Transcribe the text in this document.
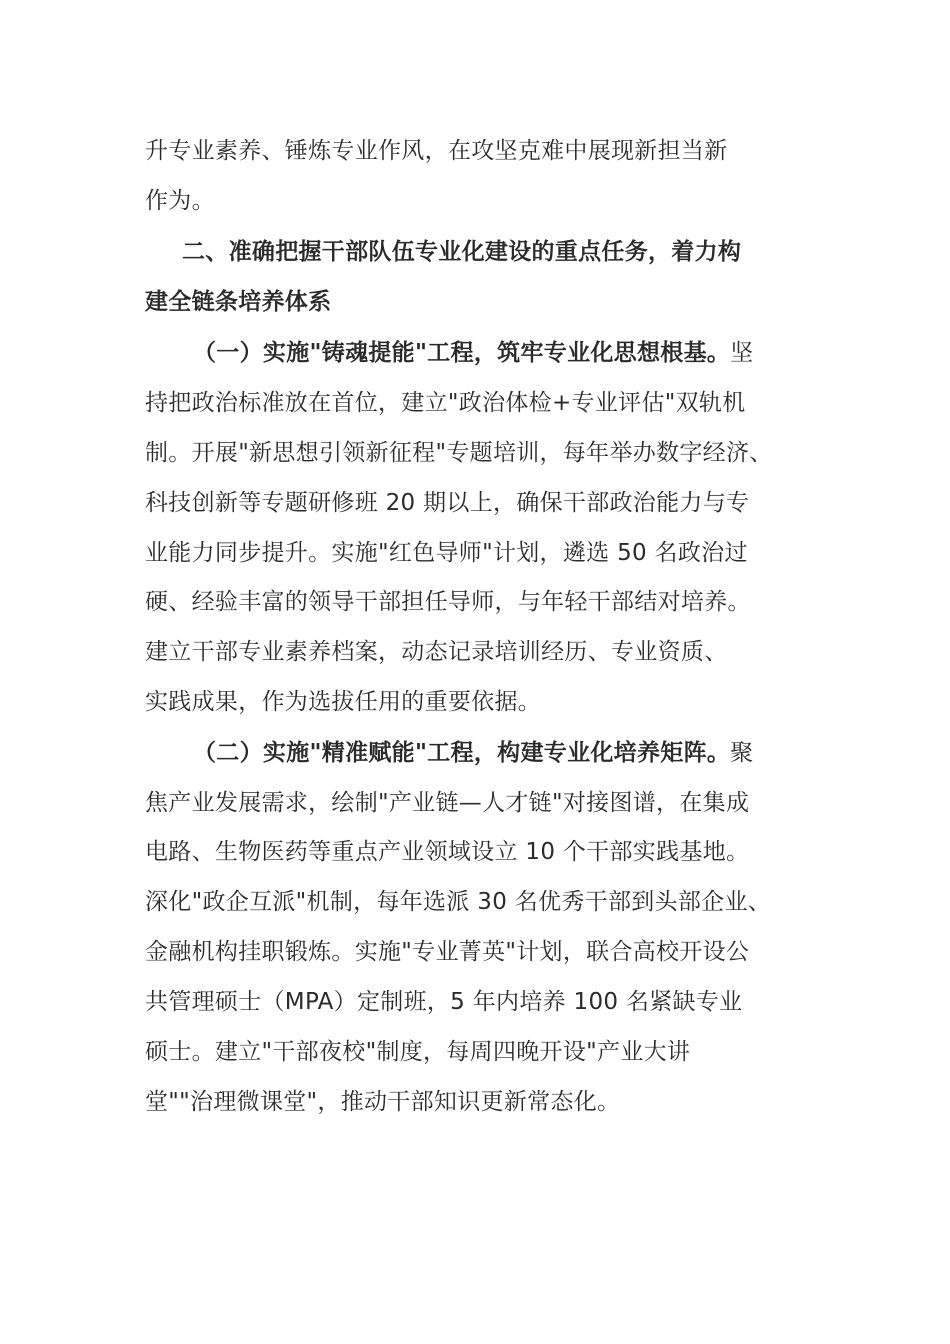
升专业素养、锤炼专业作风，在攻坚克难中展现新担当新
作为。
二、准确把握干部队伍专业化建设的重点任务，着力构
建全链条培养体系
（一）实施"铸魂提能"工程，筑牢专业化思想根基。坚
持把政治标准放在首位，建立"政治体检+专业评估"双轨机
制。开展"新思想引领新征程"专题培训，每年举办数字经济、
科技创新等专题研修班 20 期以上，确保干部政治能力与专
业能力同步提升。实施"红色导师"计划，遴选 50 名政治过
硬、经验丰富的领导干部担任导师，与年轻干部结对培养。
建立干部专业素养档案，动态记录培训经历、专业资质、
实践成果，作为选拔任用的重要依据。
（二）实施"精准赋能"工程，构建专业化培养矩阵。聚
焦产业发展需求，绘制"产业链—人才链"对接图谱，在集成
电路、生物医药等重点产业领域设立 10 个干部实践基地。
深化"政企互派"机制，每年选派 30 名优秀干部到头部企业、
金融机构挂职锻炼。实施"专业菁英"计划，联合高校开设公
共管理硕士（MPA）定制班，5 年内培养 100 名紧缺专业
硕士。建立"干部夜校"制度，每周四晚开设"产业大讲
堂""治理微课堂"，推动干部知识更新常态化。
